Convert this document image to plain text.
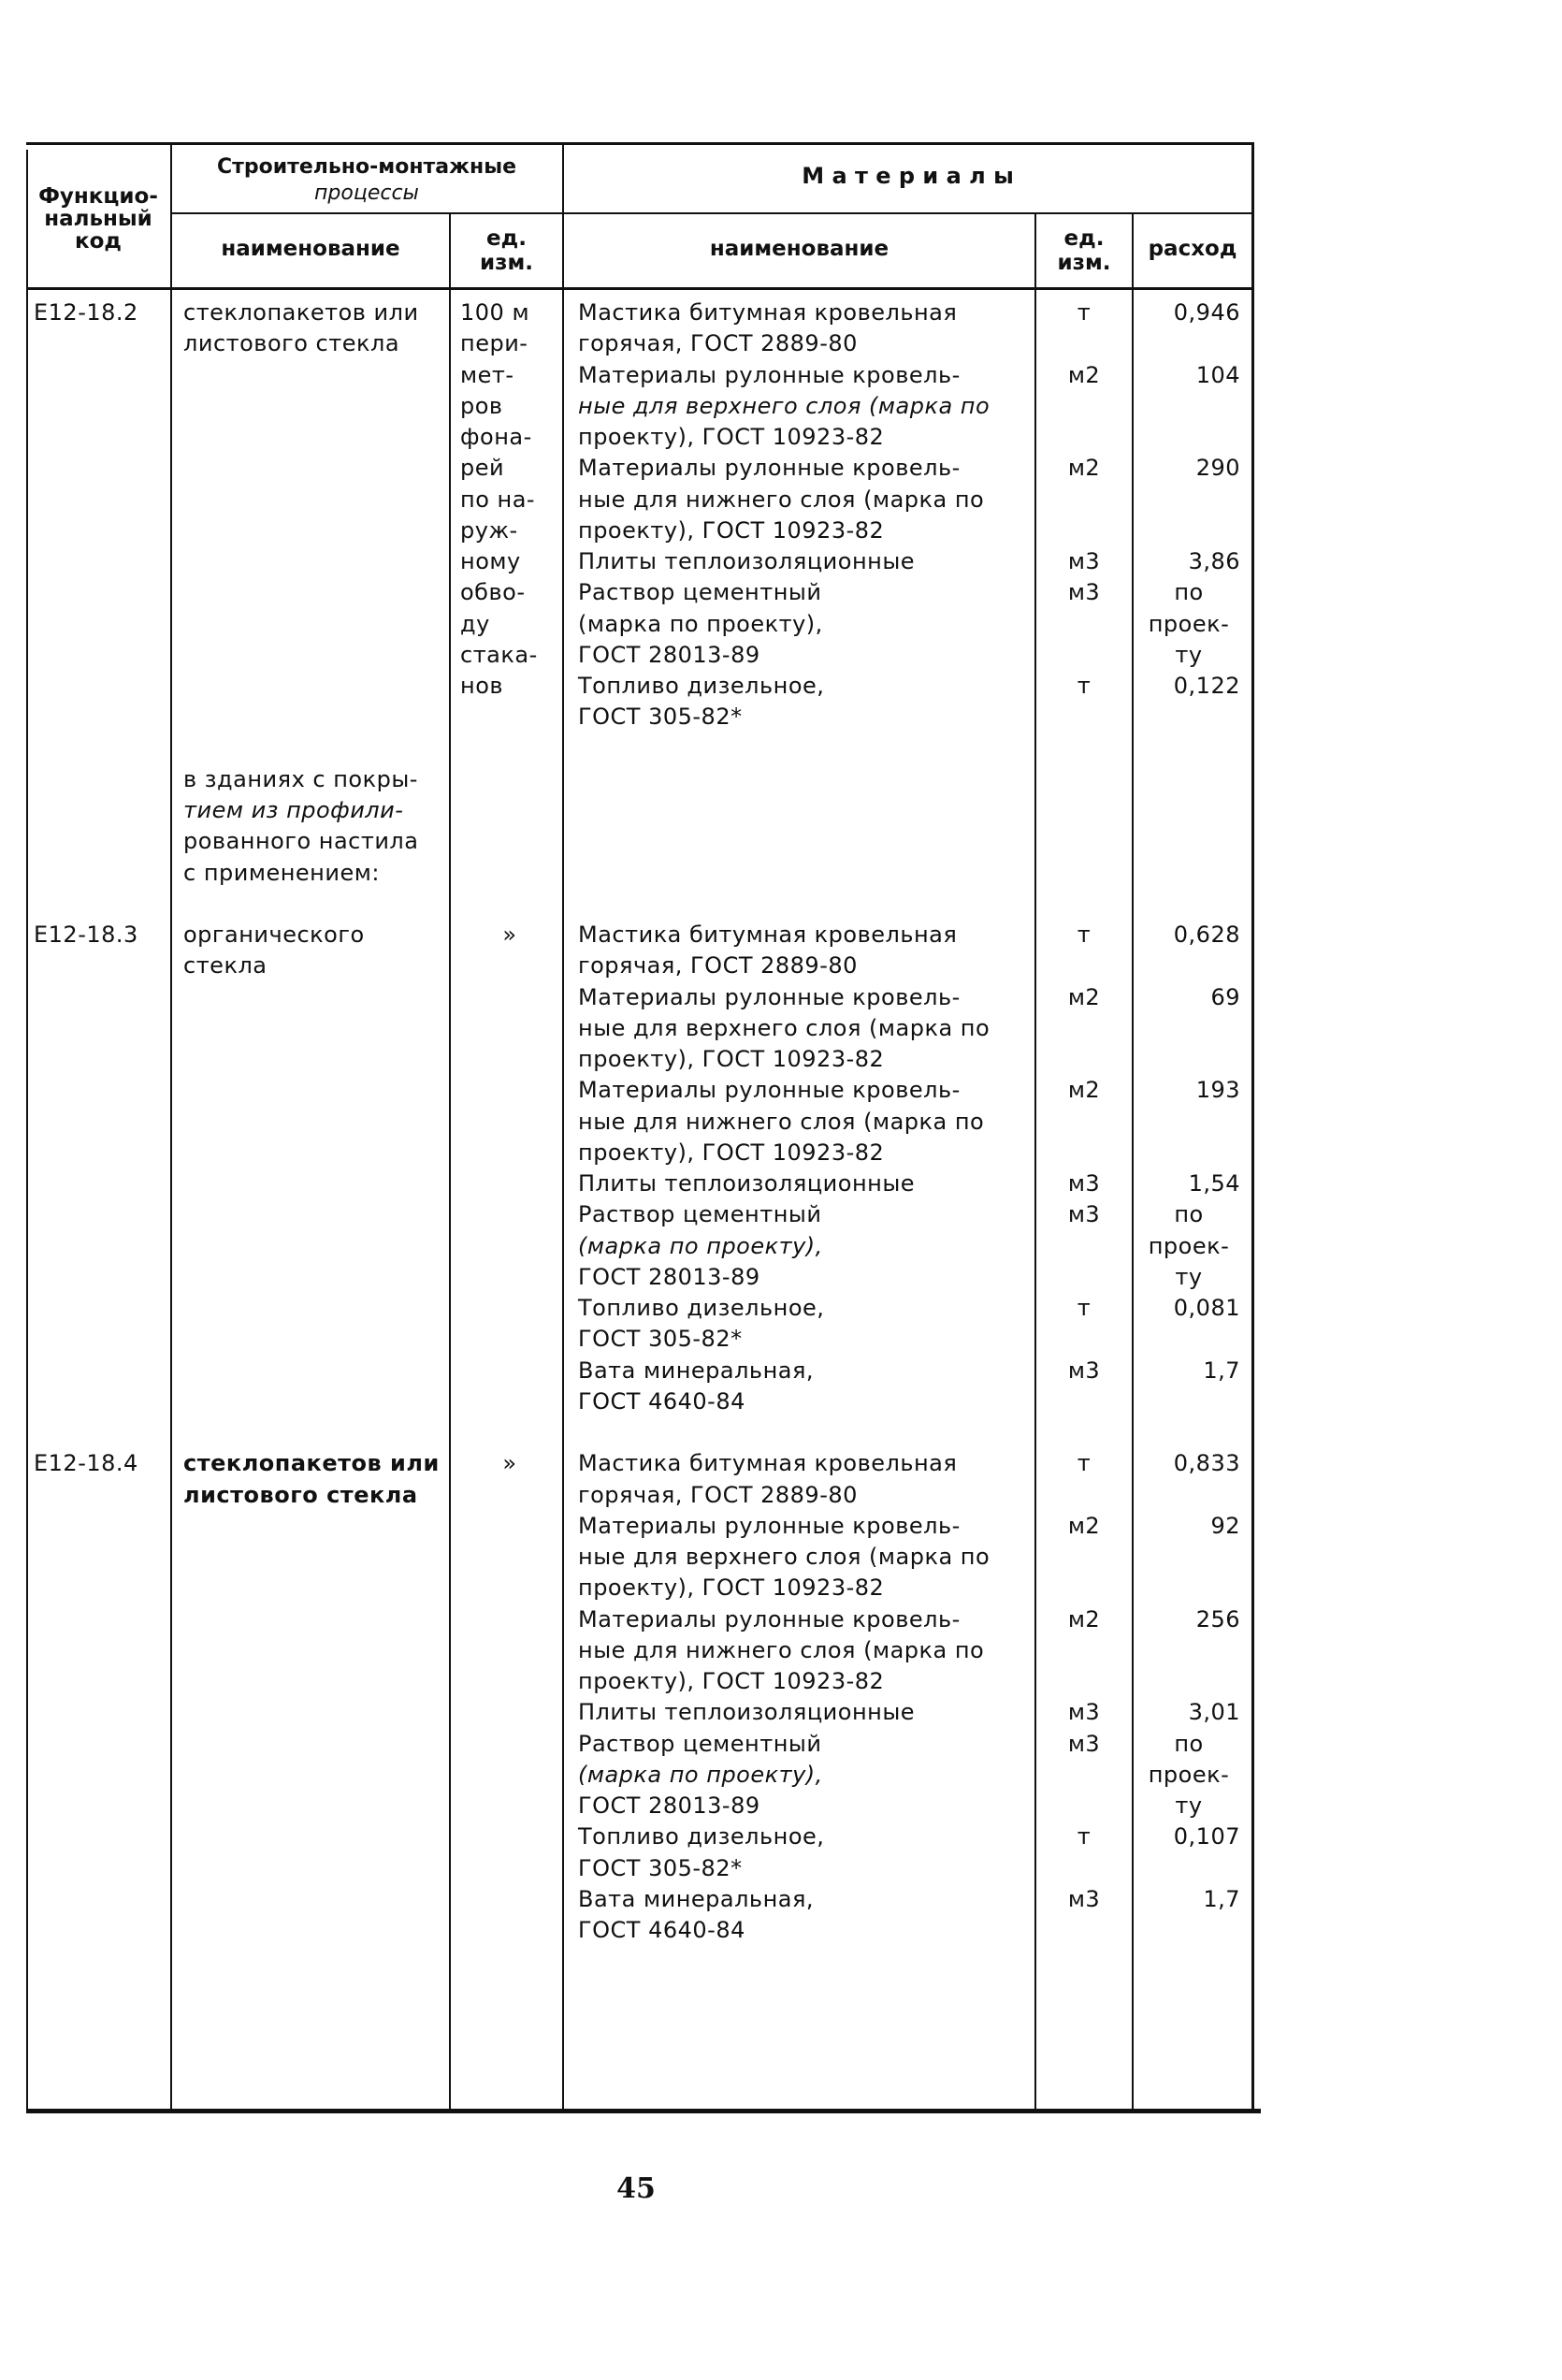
Функцио-
нальный
код
Строительно-монтажные
процессы
М а т е р и а л ы
наименование	ед.
изм.
наименование	ед.
изм.
расход
Е12-18.2
Е12-18.3
Е12-18.4
стеклопакетов или
листового стекла
в зданиях с покры-
тием из профили-
рованного настила
с применением:
органического
стекла
стеклопакетов или
листового стекла
100 м
пери-
мет-
ров
фона-
рей
по на-
руж-
ному
обво-
ду
стака-
нов
»
»
Мастика битумная кровельная
горячая, ГОСТ 2889-80
Материалы рулонные кровель-
ные для верхнего слоя (марка по
проекту), ГОСТ 10923-82
Материалы рулонные кровель-
ные для нижнего слоя (марка по
проекту), ГОСТ 10923-82
Плиты теплоизоляционные
Раствор цементный
(марка по проекту),
ГОСТ 28013-89
Топливо дизельное,
ГОСТ 305-82*
Мастика битумная кровельная
горячая, ГОСТ 2889-80
Материалы рулонные кровель-
ные для верхнего слоя (марка по
проекту), ГОСТ 10923-82
Материалы рулонные кровель-
ные для нижнего слоя (марка по
проекту), ГОСТ 10923-82
Плиты теплоизоляционные
Раствор цементный
(марка по проекту),
ГОСТ 28013-89
Топливо дизельное,
ГОСТ 305-82*
Вата минеральная,
ГОСТ 4640-84
Мастика битумная кровельная
горячая, ГОСТ 2889-80
Материалы рулонные кровель-
ные для верхнего слоя (марка по
проекту), ГОСТ 10923-82
Материалы рулонные кровель-
ные для нижнего слоя (марка по
проекту), ГОСТ 10923-82
Плиты теплоизоляционные
Раствор цементный
(марка по проекту),
ГОСТ 28013-89
Топливо дизельное,
ГОСТ 305-82*
Вата минеральная,
ГОСТ 4640-84
т
м2
м2
м3
м3
т
т
м2
м2
м3
м3
т
м3
т
м2
м2
м3
м3
т
м3
0,946
104
290
3,86
по
проек-
ту
0,122
0,628
69
193
1,54
по
проек-
ту
0,081
1,7
0,833
92
256
3,01
по
проек-
ту
0,107
1,7
45
